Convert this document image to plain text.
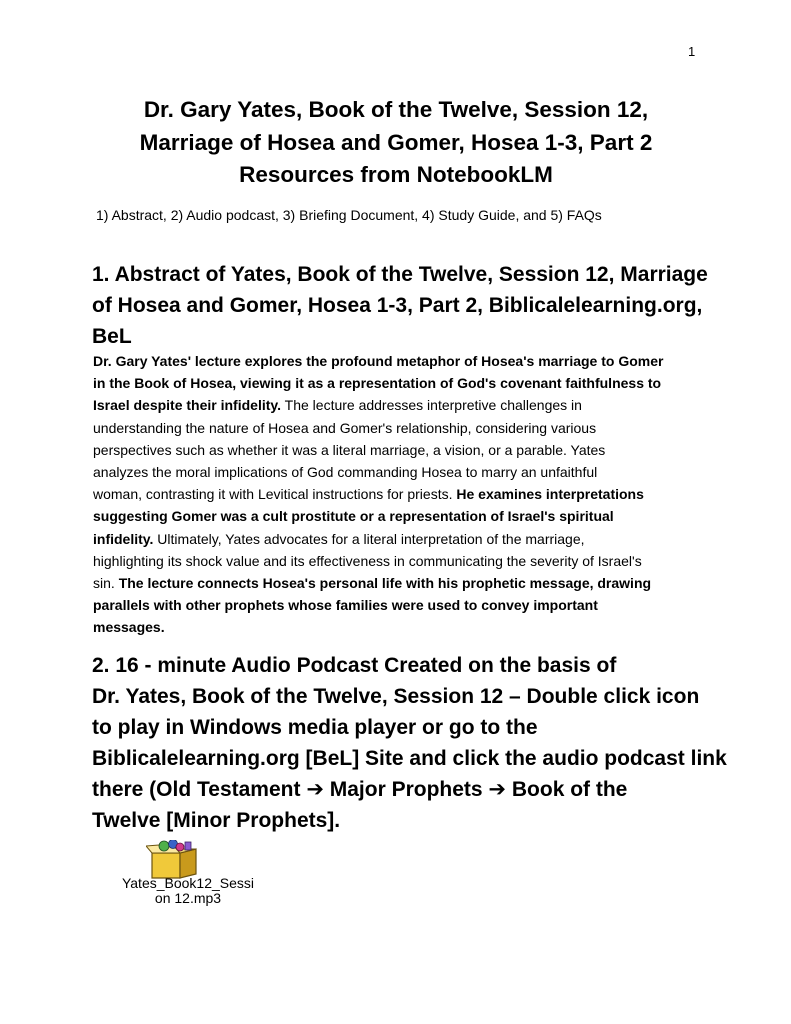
1
Dr. Gary Yates, Book of the Twelve, Session 12,
Marriage of Hosea and Gomer, Hosea 1-3, Part 2
Resources from NotebookLM
1) Abstract, 2) Audio podcast, 3) Briefing Document, 4) Study Guide, and 5) FAQs
1. Abstract of Yates, Book of the Twelve, Session 12, Marriage
of Hosea and Gomer, Hosea 1-3, Part 2, Biblicalelearning.org,
BeL
Dr. Gary Yates' lecture explores the profound metaphor of Hosea's marriage to Gomer
in the Book of Hosea, viewing it as a representation of God's covenant faithfulness to
Israel despite their infidelity. The lecture addresses interpretive challenges in
understanding the nature of Hosea and Gomer's relationship, considering various
perspectives such as whether it was a literal marriage, a vision, or a parable. Yates
analyzes the moral implications of God commanding Hosea to marry an unfaithful
woman, contrasting it with Levitical instructions for priests. He examines interpretations
suggesting Gomer was a cult prostitute or a representation of Israel's spiritual
infidelity. Ultimately, Yates advocates for a literal interpretation of the marriage,
highlighting its shock value and its effectiveness in communicating the severity of Israel's
sin. The lecture connects Hosea's personal life with his prophetic message, drawing
parallels with other prophets whose families were used to convey important
messages.
2. 16 - minute Audio Podcast Created on the basis of
Dr. Yates, Book of the Twelve, Session 12 – Double click icon
to play in Windows media player or go to the
Biblicalelearning.org [BeL] Site and click the audio podcast link
there (Old Testament ➔ Major Prophets ➔ Book of the
Twelve [Minor Prophets].
Yates_Book12_Sessi
on 12.mp3
